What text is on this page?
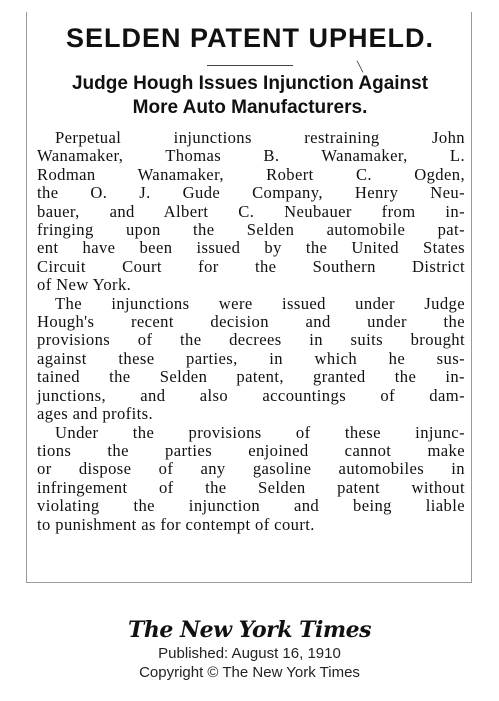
SELDEN PATENT UPHELD.
Judge Hough Issues Injunction Against
More Auto Manufacturers.
Perpetual injunctions restraining John
Wanamaker, Thomas B. Wanamaker, L.
Rodman Wanamaker, Robert C. Ogden,
the O. J. Gude Company, Henry Neu-
bauer, and Albert C. Neubauer from in-
fringing upon the Selden automobile pat-
ent have been issued by the United States
Circuit Court for the Southern District
of New York.
The injunctions were issued under Judge
Hough's recent decision and under the
provisions of the decrees in suits brought
against these parties, in which he sus-
tained the Selden patent, granted the in-
junctions, and also accountings of dam-
ages and profits.
Under the provisions of these injunc-
tions the parties enjoined cannot make
or dispose of any gasoline automobiles in
infringement of the Selden patent without
violating the injunction and being liable
to punishment as for contempt of court.
╲
The New York Times
Published: August 16, 1910
Copyright © The New York Times
